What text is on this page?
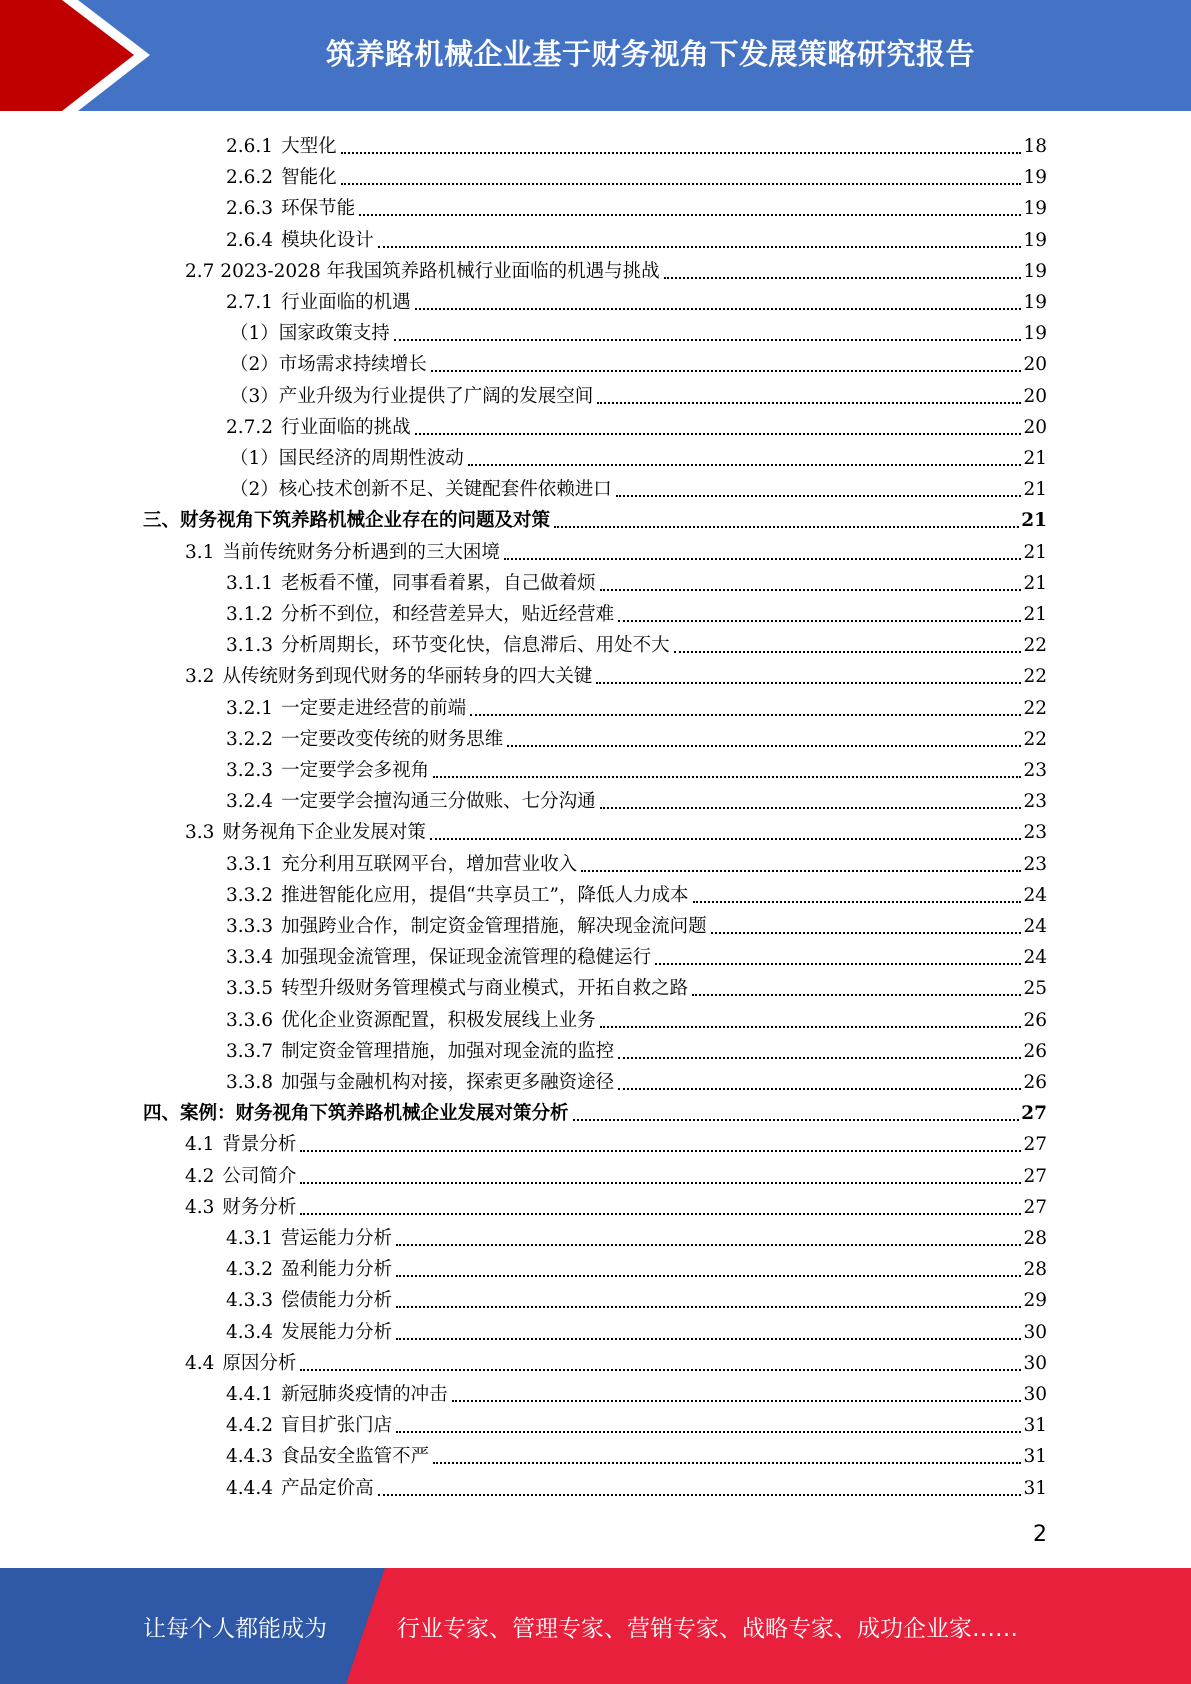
筑养路机械企业基于财务视角下发展策略研究报告
2.6.1 大型化	18
2.6.2 智能化	19
2.6.3 环保节能	19
2.6.4 模块化设计	19
2.7 2023-2028 年我国筑养路机械行业面临的机遇与挑战	19
2.7.1 行业面临的机遇	19
（1）国家政策支持	19
（2）市场需求持续增长	20
（3）产业升级为行业提供了广阔的发展空间	20
2.7.2 行业面临的挑战	20
（1）国民经济的周期性波动	21
（2）核心技术创新不足、关键配套件依赖进口	21
三、财务视角下筑养路机械企业存在的问题及对策	21
3.1 当前传统财务分析遇到的三大困境	21
3.1.1 老板看不懂，同事看着累，自己做着烦	21
3.1.2 分析不到位，和经营差异大，贴近经营难	21
3.1.3 分析周期长，环节变化快，信息滞后、用处不大	22
3.2 从传统财务到现代财务的华丽转身的四大关键	22
3.2.1 一定要走进经营的前端	22
3.2.2 一定要改变传统的财务思维	22
3.2.3 一定要学会多视角	23
3.2.4 一定要学会擅沟通三分做账、七分沟通	23
3.3 财务视角下企业发展对策	23
3.3.1 充分利用互联网平台，增加营业收入	23
3.3.2 推进智能化应用，提倡“共享员工”，降低人力成本	24
3.3.3 加强跨业合作，制定资金管理措施，解决现金流问题	24
3.3.4 加强现金流管理，保证现金流管理的稳健运行	24
3.3.5 转型升级财务管理模式与商业模式，开拓自救之路	25
3.3.6 优化企业资源配置，积极发展线上业务	26
3.3.7 制定资金管理措施，加强对现金流的监控	26
3.3.8 加强与金融机构对接，探索更多融资途径	26
四、案例：财务视角下筑养路机械企业发展对策分析	27
4.1 背景分析	27
4.2 公司简介	27
4.3 财务分析	27
4.3.1 营运能力分析	28
4.3.2 盈利能力分析	28
4.3.3 偿债能力分析	29
4.3.4 发展能力分析	30
4.4 原因分析	30
4.4.1 新冠肺炎疫情的冲击	30
4.4.2 盲目扩张门店	31
4.4.3 食品安全监管不严	31
4.4.4 产品定价高	31
2
让每个人都能成为	行业专家、管理专家、营销专家、战略专家、成功企业家……
